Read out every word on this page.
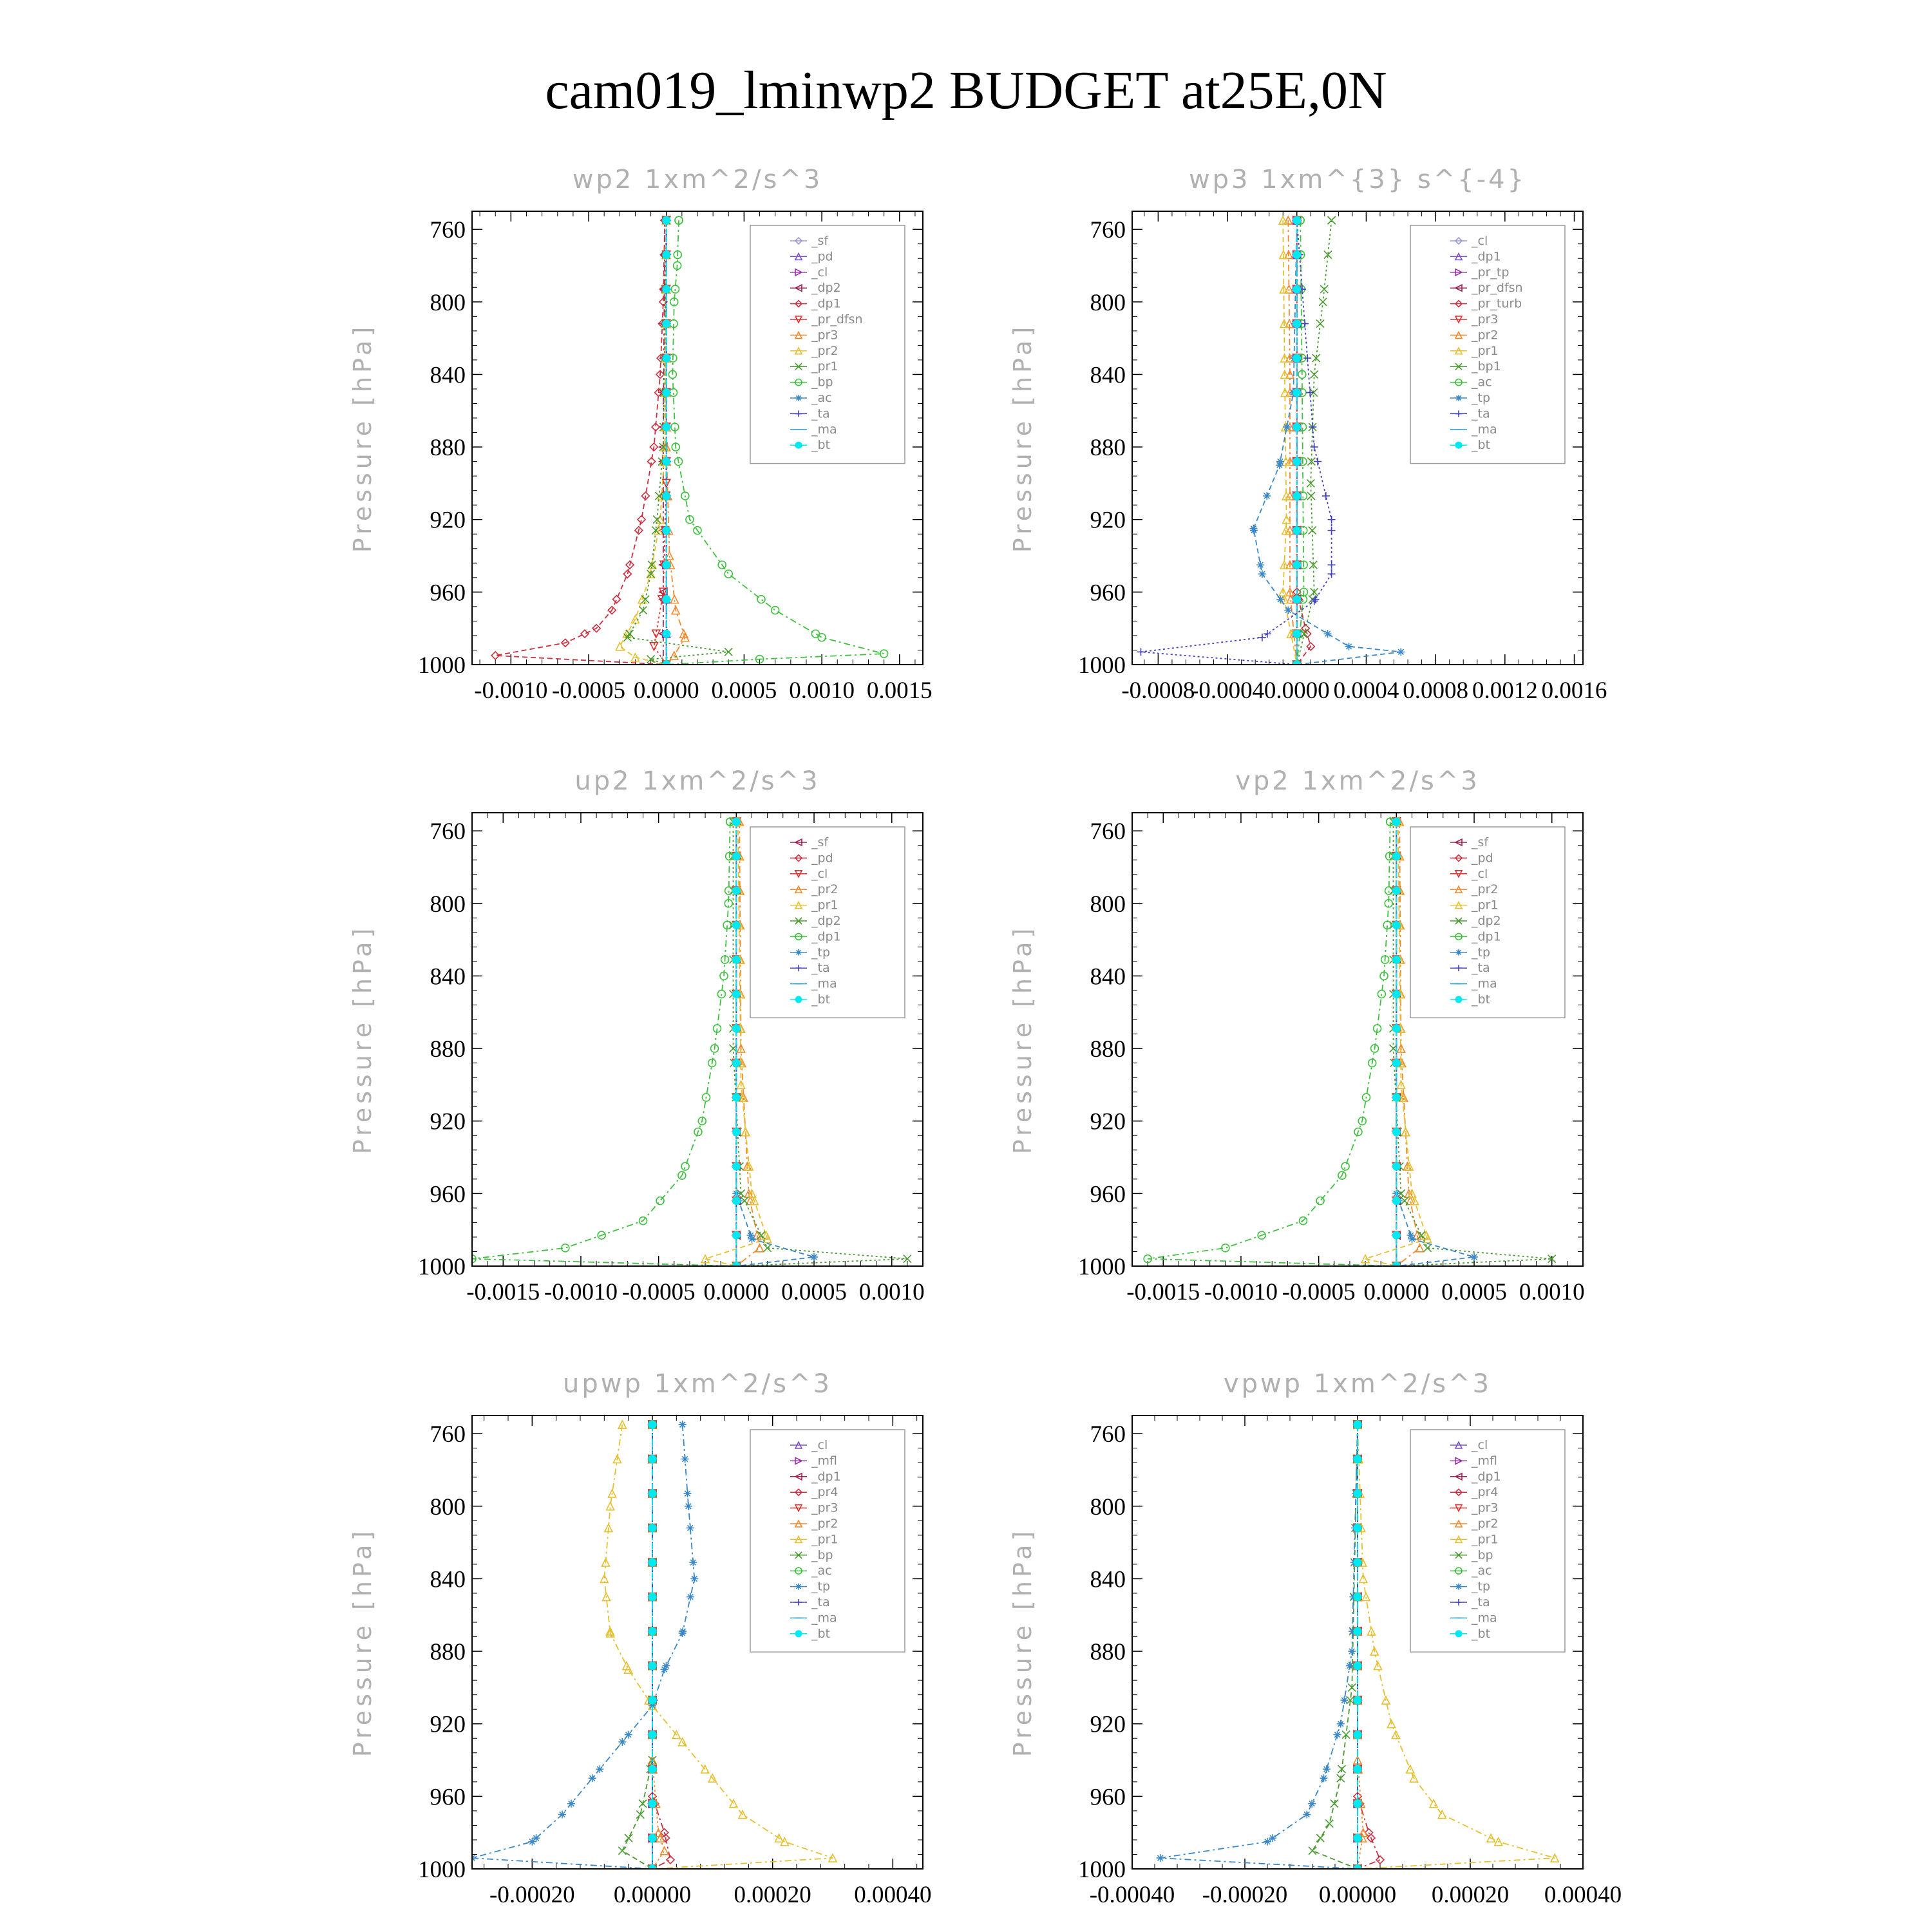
cam019_lminwp2 BUDGET at25E,0N
wp2 1xm^2/s^3
Pressure [hPa]
760
800
840
880
920
960
1000
-0.0010 -0.0005 0.0000 0.0005 0.0010 0.0015
_sf
_pd
_cl
_dp2
_dp1
_pr_dfsn
_pr3
_pr2
_pr1
_bp
_ac
_ta
_ma
_bt
wp3 1xm^{3} s^{-4}
Pressure [hPa]
760
800
840
880
920
960
1000
-0.0008
-0.0004 0.0000 0.0004 0.0008 0.0012 0.0016
_cl
_dp1
_pr_tp
_pr_dfsn
_pr_turb
_pr3
_pr2
_pr1
_bp1
_ac
_tp
_ta
_ma
_bt
up2 1xm^2/s^3
Pressure [hPa]
760
800
840
880
920
960
1000
-0.0015 -0.0010 -0.0005 0.0000 0.0005 0.0010
_sf
_pd
_cl
_pr2
_pr1
_dp2
_dp1
_tp
_ta
_ma
_bt
vp2 1xm^2/s^3
Pressure [hPa]
760
800
840
880
920
960
1000
-0.0015 -0.0010 -0.0005 0.0000 0.0005 0.0010
_sf
_pd
_cl
_pr2
_pr1
_dp2
_dp1
_tp
_ta
_ma
_bt
upwp 1xm^2/s^3
Pressure [hPa]
760
800
840
880
920
960
1000
-0.00020 0.00000 0.00020 0.00040
_cl
_mfl
_dp1
_pr4
_pr3
_pr2
_pr1
_bp
_ac
_tp
_ta
_ma
_bt
vpwp 1xm^2/s^3
Pressure [hPa]
760
800
840
880
920
960
1000
-0.00040 -0.00020 0.00000 0.00020 0.00040
_cl
_mfl
_dp1
_pr4
_pr3
_pr2
_pr1
_bp
_ac
_tp
_ta
_ma
_bt
